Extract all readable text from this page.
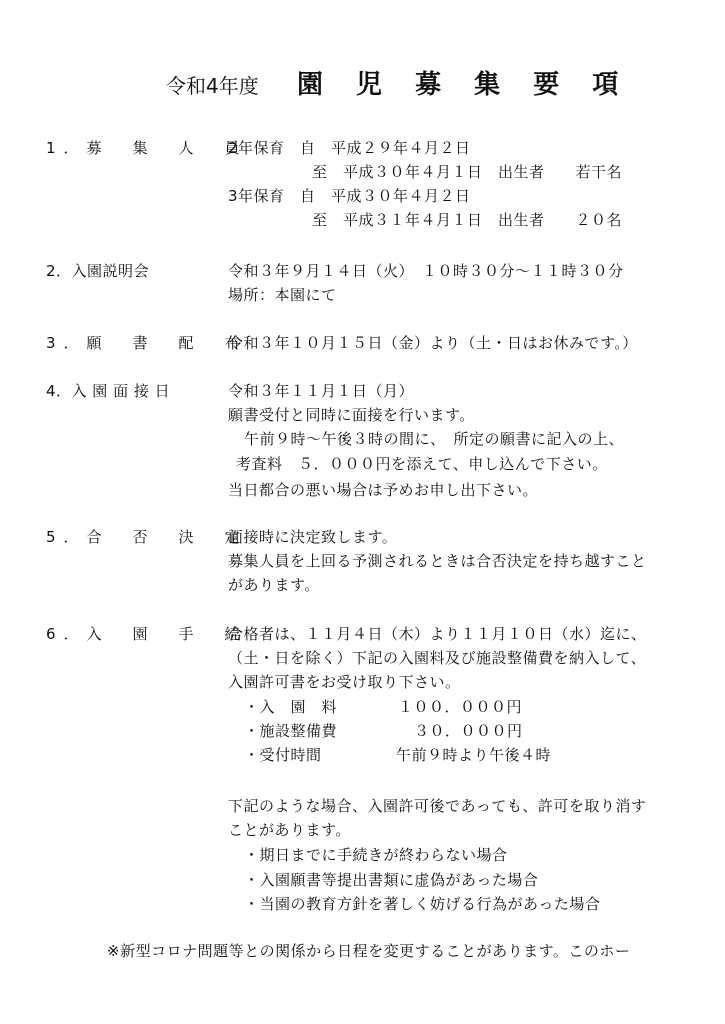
令和4年度 園 児 募 集 要 項
1．募　集　人　員
2年保育　自　平成２９年４月２日
至　平成３０年４月１日　出生者　　若干名
3年保育　自　平成３０年４月２日
至　平成３１年４月１日　出生者　　２０名
2．入園説明会	令和３年９月１４日（火）　１０時３０分～１１時３０分
場所：本園にて
3．願　書　配　布
令和３年１０月１５日（金）より（土・日はお休みです。）
4．入 園 面 接 日	令和３年１１月１日（月）
願書受付と同時に面接を行います。
午前９時～午後３時の間に、　所定の願書に記入の上、
考査料　５．０００円を添えて、申し込んで下さい。
当日都合の悪い場合は予めお申し出下さい。
5．合　否　決　定
面接時に決定致します。
募集人員を上回る予測されるときは合否決定を持ち越すこと
があります。
6．入　園　手　続
合格者は、１１月４日（木）より１１月１０日（水）迄に、
（土・日を除く）下記の入園料及び施設整備費を納入して、
入園許可書をお受け取り下さい。
・入　園　料	１００．０００円
・施設整備費	３０．０００円
・受付時間	午前９時より午後４時
下記のような場合、入園許可後であっても、許可を取り消す
ことがあります。
・期日までに手続きが終わらない場合
・入園願書等提出書類に虚偽があった場合
・当園の教育方針を著しく妨げる行為があった場合
※新型コロナ問題等との関係から日程を変更することがあります。このホー
